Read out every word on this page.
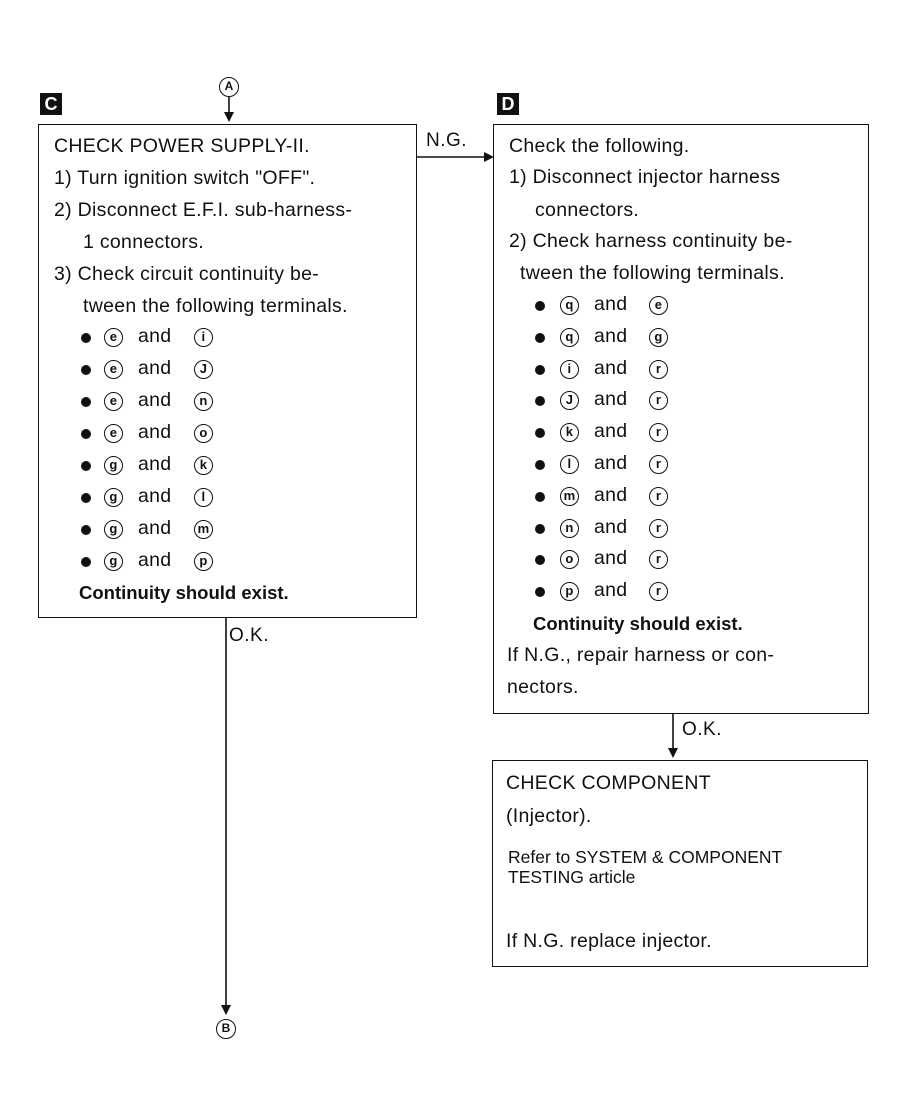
A
B
N.G.
O.K.
O.K.
C	D
CHECK POWER SUPPLY-II.
1) Turn ignition switch "OFF".
2) Disconnect E.F.I. sub-harness-
1 connectors.
3) Check circuit continuity be-
tween the following terminals.
e and	i
e and	J
e and	n
e and	o
g and	k
g and	l
g and m
g and	p
Continuity should exist.
Check the following.
1) Disconnect injector harness
connectors.
2) Check harness continuity be-
tween the following terminals.
q and	e
q and	g
i	and	r
J and	r
k and	r
l	and	r
m and	r
n and	r
o and	r
p and	r
Continuity should exist.
If N.G., repair harness or con-
nectors.
CHECK COMPONENT
(Injector).
Refer to SYSTEM & COMPONENT
TESTING article
If N.G. replace injector.
